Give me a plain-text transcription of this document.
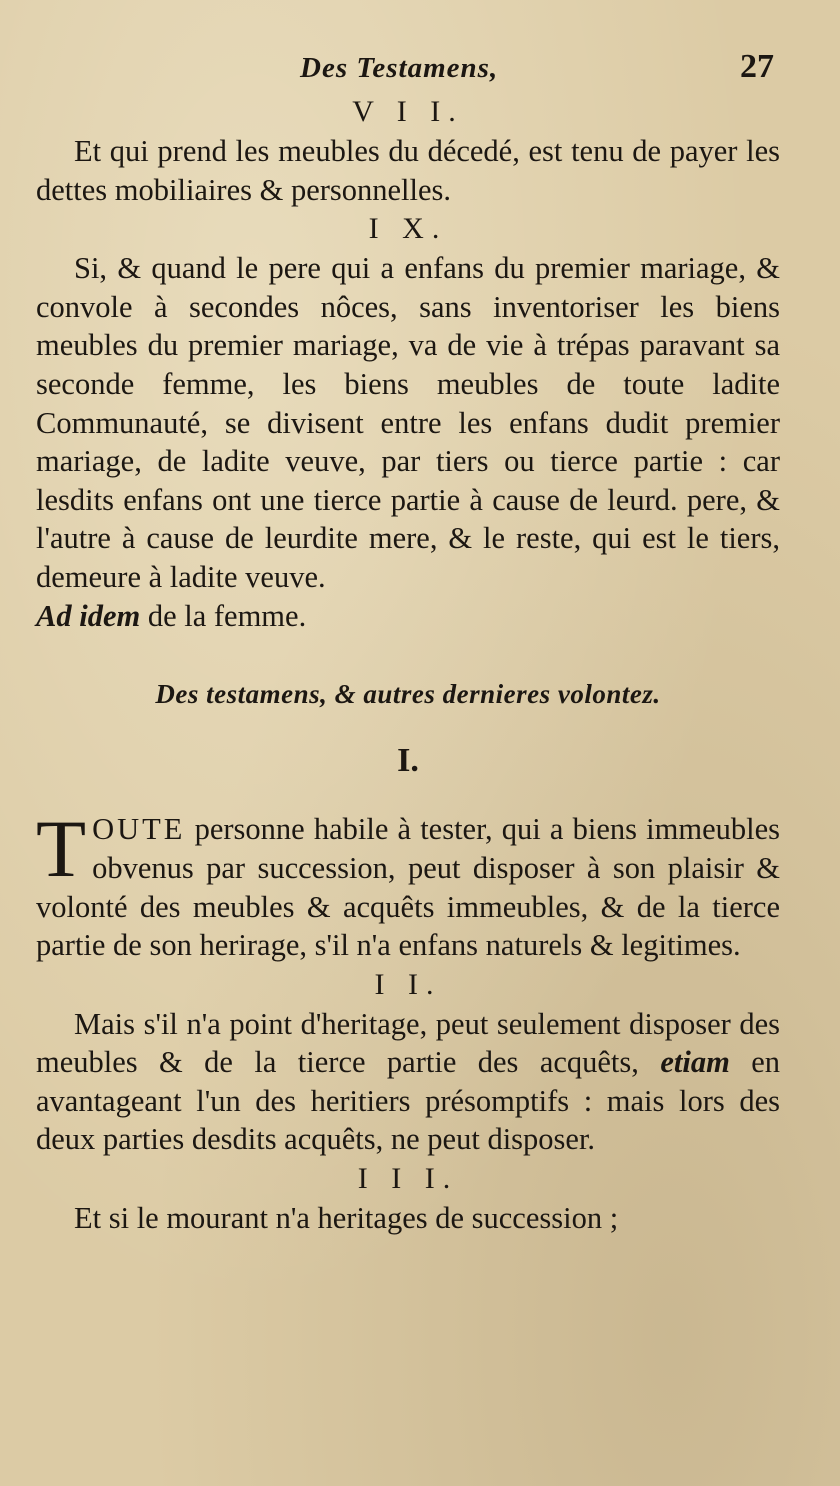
Des Testamens,	27
V I I.

Et qui prend les meubles du décedé, est tenu de payer les dettes mobiliaires & personnelles.

I X.

Si, & quand le pere qui a enfans du premier mariage, & convole à secondes nôces, sans inventoriser les biens meubles du premier mariage, va de vie à trépas paravant sa seconde femme, les biens meubles de toute ladite Communauté, se divisent entre les enfans dudit premier mariage, de ladite veuve, par tiers ou tierce partie : car lesdits enfans ont une tierce partie à cause de leurd. pere, & l'autre à cause de leurdite mere, & le reste, qui est le tiers, demeure à ladite veuve.
Ad idem de la femme.

Des testamens, & autres dernieres volontez.
I.

TOUTE personne habile à tester, qui a biens immeubles obvenus par succession, peut disposer à son plaisir & volonté des meubles & acquêts immeubles, & de la tierce partie de son herirage, s'il n'a enfans naturels & legitimes.

I I.

Mais s'il n'a point d'heritage, peut seulement disposer des meubles & de la tierce partie des acquêts, etiam en avantageant l'un des heritiers présomptifs : mais lors des deux parties desdits acquêts, ne peut disposer.

I I I.

Et si le mourant n'a heritages de succession ;
